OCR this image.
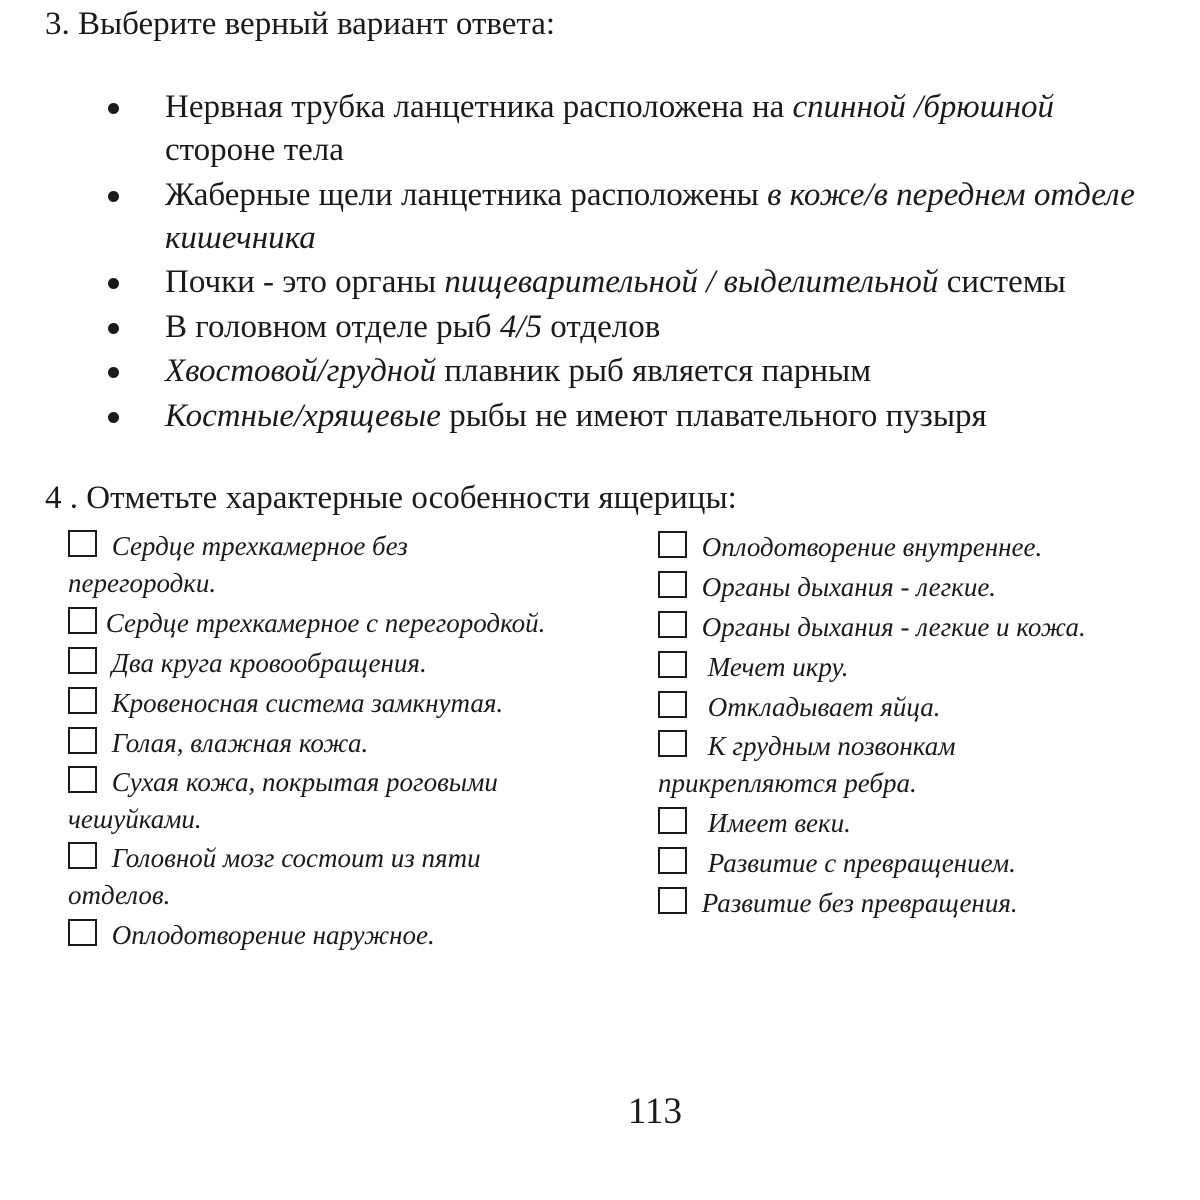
3. Выберите верный вариант ответа:
Нервная трубка ланцетника расположена на спинной /брюшной
стороне тела
Жаберные щели ланцетника расположены в коже/в переднем отделе
кишечника
Почки - это органы пищеварительной / выделительной системы
В головном отделе рыб 4/5 отделов
Хвостовой/грудной плавник рыб является парным
Костные/хрящевые рыбы не имеют плавательного пузыря
4 . Отметьте характерные особенности ящерицы:
Сердце трехкамерное без перегородки.
Сердце трехкамерное с перегородкой.
Два круга кровообращения.
Кровеносная система замкнутая.
Голая, влажная кожа.
Сухая кожа, покрытая роговыми чешуйками.
Головной мозг состоит из пяти отделов.
Оплодотворение наружное.
Оплодотворение внутреннее.
Органы дыхания - легкие.
Органы дыхания - легкие и кожа.
Мечет икру.
Откладывает яйца.
К грудным позвонкам прикрепляются ребра.
Имеет веки.
Развитие с превращением.
Развитие без превращения.
113
